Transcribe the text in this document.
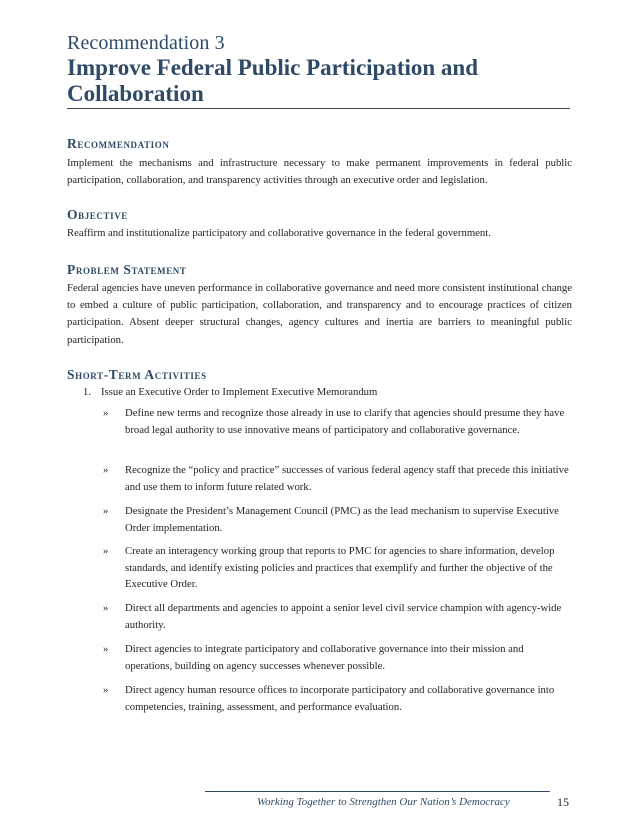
Recommendation 3
Improve Federal Public Participation and Collaboration
Recommendation
Implement the mechanisms and infrastructure necessary to make permanent improvements in federal public participation, collaboration, and transparency activities through an executive order and legislation.
Objective
Reaffirm and institutionalize participatory and collaborative governance in the federal government.
Problem Statement
Federal agencies have uneven performance in collaborative governance and need more consistent institutional change to embed a culture of public participation, collaboration, and transparency and to encourage practices of citizen participation. Absent deeper structural changes, agency cultures and inertia are barriers to meaningful public participation.
Short-Term Activities
1. Issue an Executive Order to Implement Executive Memorandum
»	Define new terms and recognize those already in use to clarify that agencies should presume they have broad legal authority to use innovative means of participatory and collaborative governance.
»	Recognize the “policy and practice” successes of various federal agency staff that precede this initiative and use them to inform future related work.
»	Designate the President’s Management Council (PMC) as the lead mechanism to supervise Executive Order implementation.
»	Create an interagency working group that reports to PMC for agencies to share information, develop standards, and identify existing policies and practices that exemplify and further the objective of the Executive Order.
»	Direct all departments and agencies to appoint a senior level civil service champion with agency-wide authority.
»	Direct agencies to integrate participatory and collaborative governance into their mission and operations, building on agency successes whenever possible.
»	Direct agency human resource offices to incorporate participatory and collaborative governance into competencies, training, assessment, and performance evaluation.
Working Together to Strengthen Our Nation’s Democracy	15
